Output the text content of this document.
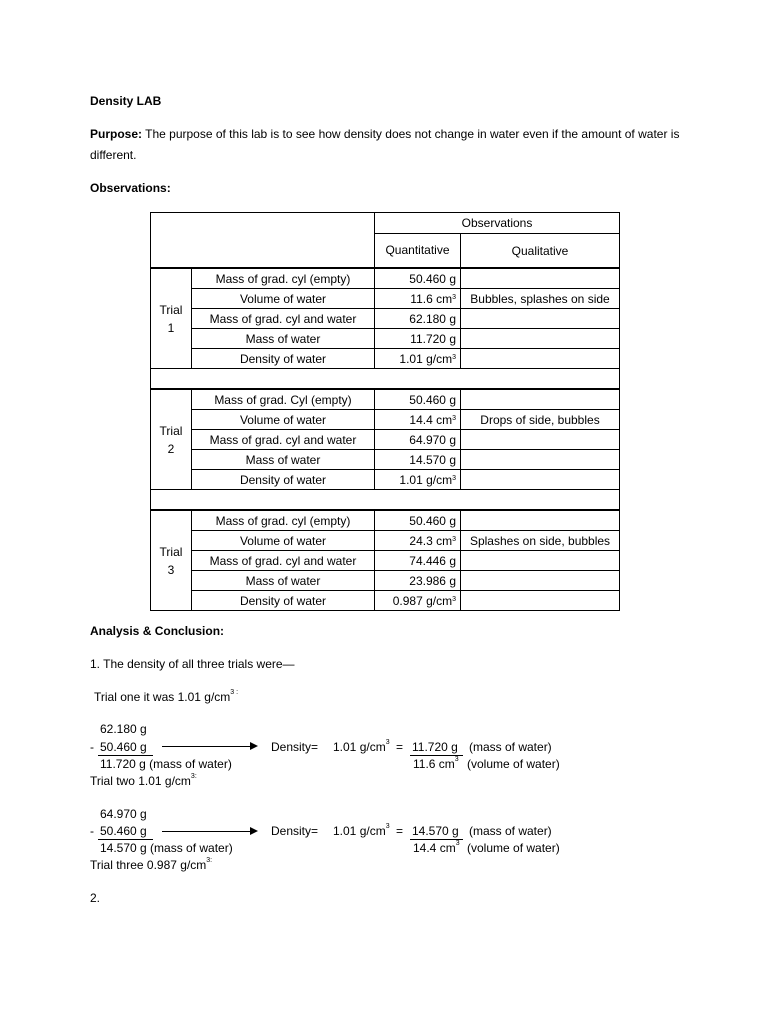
Density LAB
Purpose: The purpose of this lab is to see how density does not change in water even if the amount of water is different.
Observations:
		Observations	
		Quantitative	Qualitative

Trial
1	Mass of grad. cyl (empty)	50.460 g	
	Volume of water	11.6 $cm^3$	Bubbles, splashes on side
	Mass of grad. cyl and water	62.180 g	
	Mass of water	11.720 g	
	Density of water	1.01 $g/cm^3$	

Trial
2	Mass of grad. Cyl (empty)	50.460 g	
	Volume of water	14.4 $cm^3$	Drops of side, bubbles
	Mass of grad. cyl and water	64.970 g	
	Mass of water	14.570 g	
	Density of water	1.01 $g/cm^3$	

Trial
3	Mass of grad. cyl (empty)	50.460 g	
	Volume of water	24.3 $cm^3$	Splashes on side, bubbles
	Mass of grad. cyl and water	74.446 g	
	Mass of water	23.986 g	
	Density of water	0.987 $g/cm^3$	
Analysis & Conclusion:
1. The density of all three trials were—
Trial one it was 1.01 $g/cm^{3 :}$
62.180 g
- 50.460 g
11.720 g (mass of water)
Density= 1.01 $g/cm^3 = 11.720$ g (mass of water)
11.6 $cm^3$ (volume of water)
Trial two 1.01 $g/cm^{3:}$
64.970 g
- 50.460 g
14.570 g (mass of water)
Density= 1.01 $g/cm^3 = 14.570$ g (mass of water)
14.4 $cm^3$ (volume of water)
Trial three 0.987 $g/cm^{3:}$
2.
